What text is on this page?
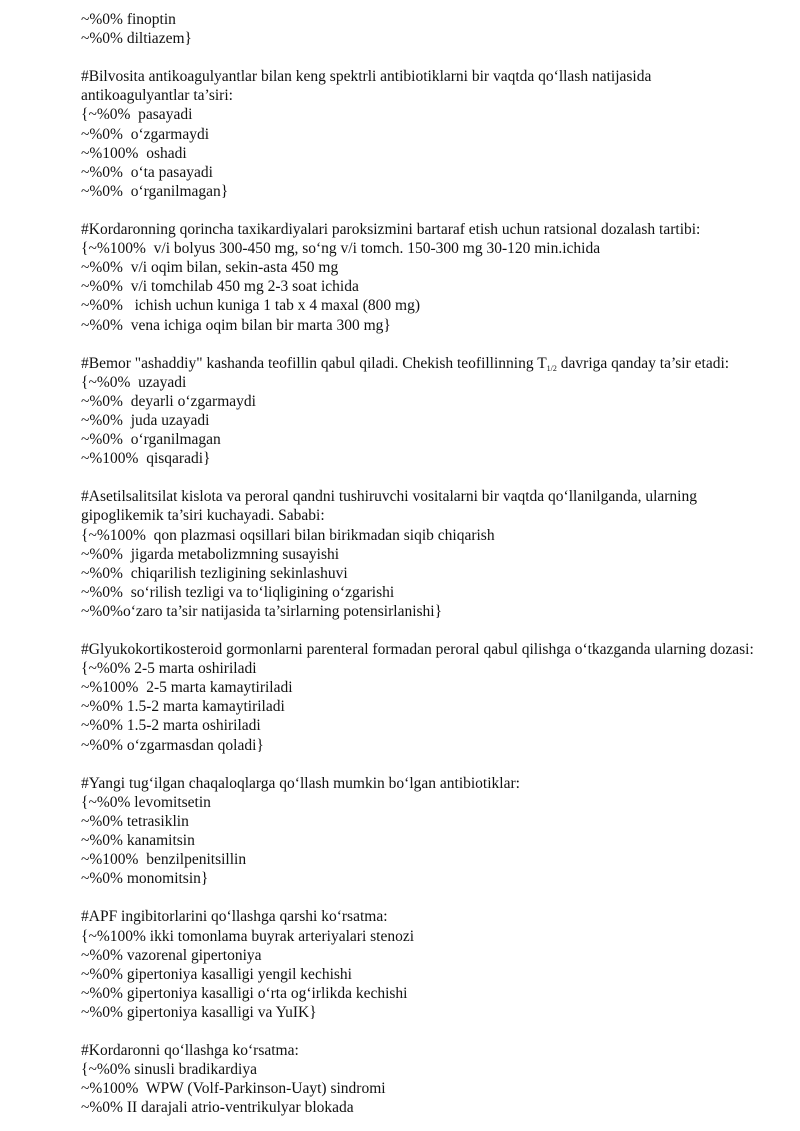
~%0% finoptin

~%0% diltiazem}

#Bilvosita antikoagulyantlar bilan keng spektrli antibiotiklarni bir vaqtda qo‘llash natijasida antikoagulyantlar ta’siri:

{~%0%  pasayadi

~%0%  o‘zgarmaydi

~%100%  oshadi

~%0%  o‘ta pasayadi

~%0%  o‘rganilmagan}

#Kordaronning qorincha taxikardiyalari paroksizmini bartaraf etish uchun ratsional dozalash tartibi:

{~%100%  v/i bolyus 300-450 mg, so‘ng v/i tomch. 150-300 mg 30-120 min.ichida

~%0%  v/i oqim bilan, sekin-asta 450 mg

~%0%  v/i tomchilab 450 mg 2-3 soat ichida

~%0%   ichish uchun kuniga 1 tab x 4 maxal (800 mg)

~%0%  vena ichiga oqim bilan bir marta 300 mg}

#Bemor "ashaddiy" kashanda teofillin qabul qiladi. Chekish teofillinning $T_{1/2}$ davriga qanday ta’sir etadi:

{~%0%  uzayadi

~%0%  deyarli o‘zgarmaydi

~%0%  juda uzayadi

~%0%  o‘rganilmagan

~%100%  qisqaradi}

#Asetilsalitsilat kislota va peroral qandni tushiruvchi vositalarni bir vaqtda qo‘llanilganda, ularning gipoglikemik ta’siri kuchayadi. Sababi:

{~%100%  qon plazmasi oqsillari bilan birikmadan siqib chiqarish

~%0%  jigarda metabolizmning susayishi

~%0%  chiqarilish tezligining sekinlashuvi

~%0%  so‘rilish tezligi va to‘liqligining o‘zgarishi

~%0%o‘zaro ta’sir natijasida ta’sirlarning potensirlanishi}

#Glyukokortikosteroid gormonlarni parenteral formadan peroral qabul qilishga o‘tkazganda ularning dozasi:

{~%0% 2-5 marta oshiriladi

~%100%  2-5 marta kamaytiriladi

~%0% 1.5-2 marta kamaytiriladi

~%0% 1.5-2 marta oshiriladi

~%0% o‘zgarmasdan qoladi}

#Yangi tug‘ilgan chaqaloqlarga qo‘llash mumkin bo‘lgan antibiotiklar:

{~%0% levomitsetin

~%0% tetrasiklin

~%0% kanamitsin

~%100%  benzilpenitsillin

~%0% monomitsin}

#APF ingibitorlarini qo‘llashga qarshi ko‘rsatma:

{~%100% ikki tomonlama buyrak arteriyalari stenozi

~%0% vazorenal gipertoniya

~%0% gipertoniya kasalligi yengil kechishi

~%0% gipertoniya kasalligi o‘rta og‘irlikda kechishi

~%0% gipertoniya kasalligi va YuIK}

#Kordaronni qo‘llashga ko‘rsatma:

{~%0% sinusli bradikardiya

~%100%  WPW (Volf-Parkinson-Uayt) sindromi

~%0% II darajali atrio-ventrikulyar blokada
